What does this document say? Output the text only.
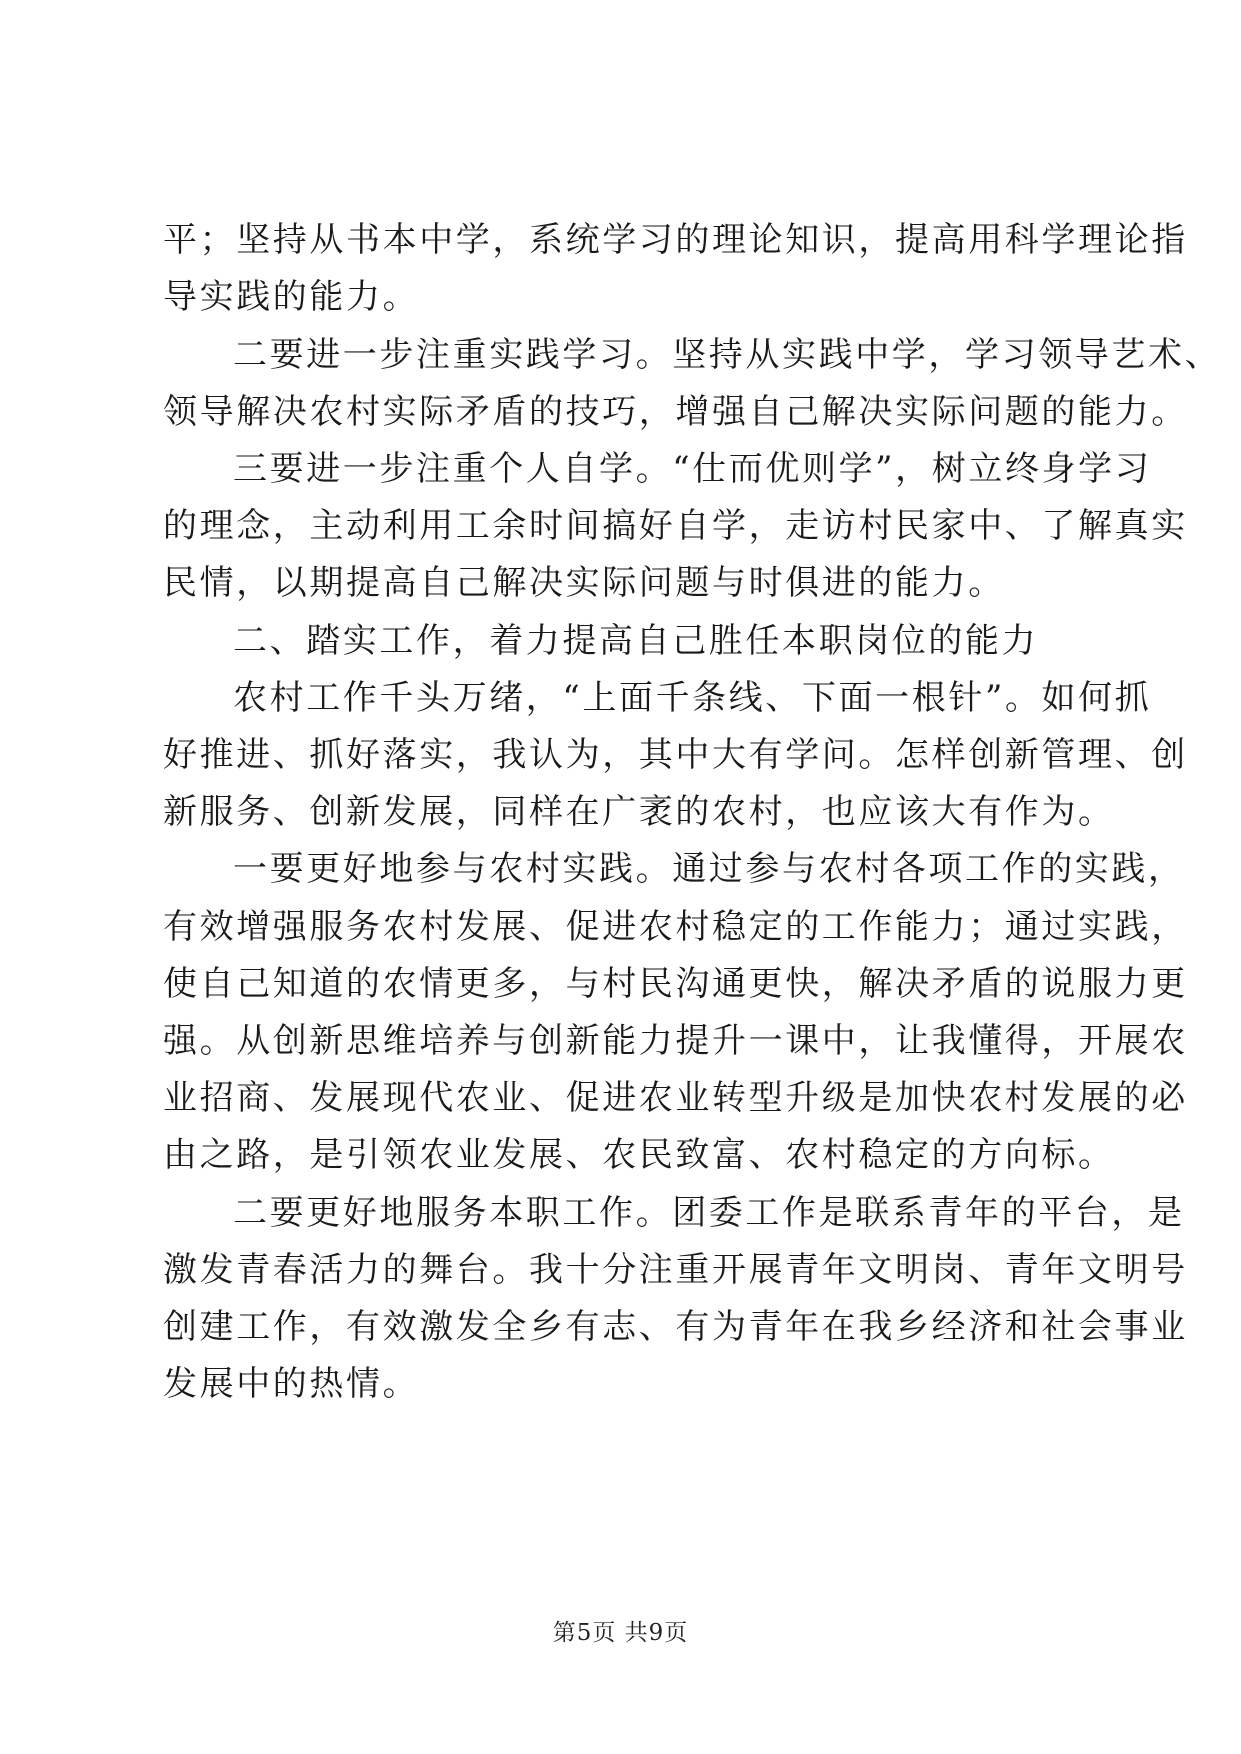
平；坚持从书本中学，系统学习的理论知识，提高用科学理论指
导实践的能力。
二要进一步注重实践学习。坚持从实践中学，学习领导艺术、
领导解决农村实际矛盾的技巧，增强自己解决实际问题的能力。
三要进一步注重个人自学。“仕而优则学”，树立终身学习
的理念，主动利用工余时间搞好自学，走访村民家中、了解真实
民情，以期提高自己解决实际问题与时俱进的能力。
二、踏实工作，着力提高自己胜任本职岗位的能力
农村工作千头万绪，“上面千条线、下面一根针”。如何抓
好推进、抓好落实，我认为，其中大有学问。怎样创新管理、创
新服务、创新发展，同样在广袤的农村，也应该大有作为。
一要更好地参与农村实践。通过参与农村各项工作的实践，
有效增强服务农村发展、促进农村稳定的工作能力；通过实践，
使自己知道的农情更多，与村民沟通更快，解决矛盾的说服力更
强。从创新思维培养与创新能力提升一课中，让我懂得，开展农
业招商、发展现代农业、促进农业转型升级是加快农村发展的必
由之路，是引领农业发展、农民致富、农村稳定的方向标。
二要更好地服务本职工作。团委工作是联系青年的平台，是
激发青春活力的舞台。我十分注重开展青年文明岗、青年文明号
创建工作，有效激发全乡有志、有为青年在我乡经济和社会事业
发展中的热情。
第5页 共9页
